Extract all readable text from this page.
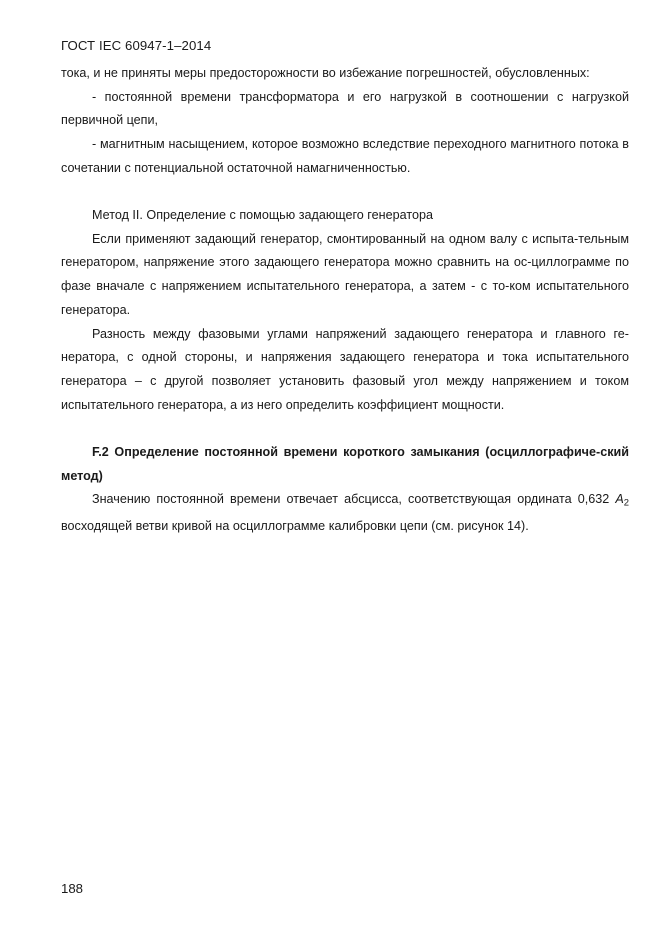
ГОСТ IEC 60947-1–2014

тока, и не приняты меры предосторожности во избежание погрешностей, обусловленных:

- постоянной времени трансформатора и его нагрузкой в соотношении с нагрузкой первичной цепи,

- магнитным насыщением, которое возможно вследствие переходного магнитного потока в сочетании с потенциальной остаточной намагниченностью.

Метод II. Определение с помощью задающего генератора

Если применяют задающий генератор, смонтированный на одном валу с испыта-тельным генератором, напряжение этого задающего генератора можно сравнить на ос-циллограмме по фазе вначале с напряжением испытательного генератора, а затем - с то-ком испытательного генератора.

Разность между фазовыми углами напряжений задающего генератора и главного ге-нератора, с одной стороны, и напряжения задающего генератора и тока испытательного генератора – с другой позволяет установить фазовый угол между напряжением и током испытательного генератора, а из него определить коэффициент мощности.

F.2 Определение постоянной времени короткого замыкания (осциллографиче-ский метод)

Значению постоянной времени отвечает абсцисса, соответствующая ордината 0,632 $A_2$ восходящей ветви кривой на осциллограмме калибровки цепи (см. рисунок 14).

188
